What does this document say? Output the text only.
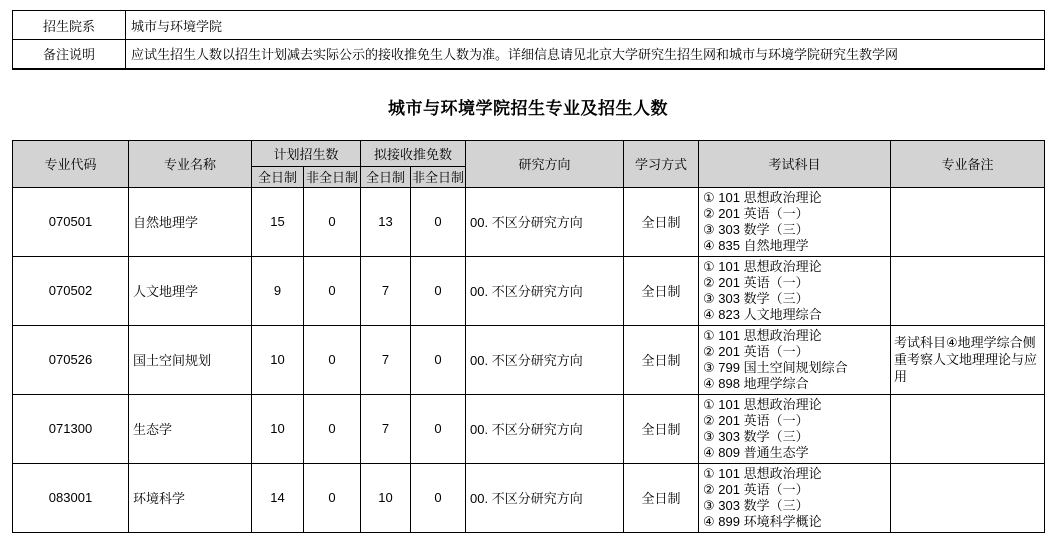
招生院系	城市与环境学院
备注说明	应试生招生人数以招生计划减去实际公示的接收推免生人数为准。详细信息请见北京大学研究生招生网和城市与环境学院研究生教学网
城市与环境学院招生专业及招生人数
专业代码	专业名称	计划招生数		拟接收推免数		研究方向	学习方式	考试科目	专业备注
		全日制	非全日制	全日制	非全日制				
070501	自然地理学	15	0	13	0	00. 不区分研究方向	全日制	① 101 思想政治理论
② 201 英语（一）
③ 303 数学（三）
④ 835 自然地理学	

070502	人文地理学	9	0	7	0	00. 不区分研究方向	全日制	① 101 思想政治理论
② 201 英语（一）
③ 303 数学（三）
④ 823 人文地理综合	

070526	国土空间规划	10	0	7	0	00. 不区分研究方向	全日制	① 101 思想政治理论
② 201 英语（一）
③ 799 国土空间规划综合
④ 898 地理学综合	考试科目④地理学综合侧重考察人文地理理论与应用
071300	生态学	10	0	7	0	00. 不区分研究方向	全日制	① 101 思想政治理论
② 201 英语（一）
③ 303 数学（三）
④ 809 普通生态学	

083001	环境科学	14	0	10	0	00. 不区分研究方向	全日制	① 101 思想政治理论
② 201 英语（一）
③ 303 数学（三）
④ 899 环境科学概论	
